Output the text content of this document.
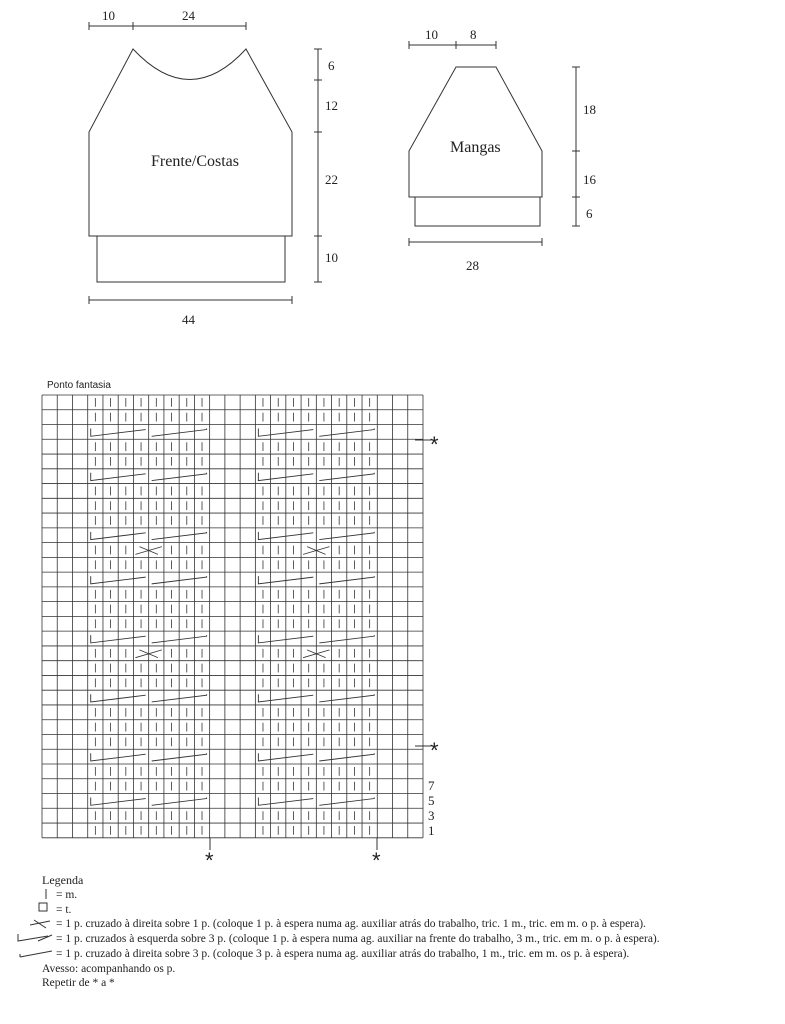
Frente/Costas
10	24
6
12
22
10
44
Mangas
10 8
18
16
6
28
Ponto fantasia
7
5
3
1
*
*
*	*
Legenda
= m.
= t.
= 1 p. cruzado à direita sobre 1 p. (coloque 1 p. à espera numa ag. auxiliar atrás do trabalho, tric. 1 m., tric. em m. o p. à espera).
= 1 p. cruzados à esquerda sobre 3 p. (coloque 1 p. à espera numa ag. auxiliar na frente do trabalho, 3 m., tric. em m. o p. à espera).
= 1 p. cruzado à direita sobre 3 p. (coloque 3 p. à espera numa ag. auxiliar atrás do trabalho, 1 m., tric. em m. os p. à espera).
Avesso: acompanhando os p.
Repetir de * a *
